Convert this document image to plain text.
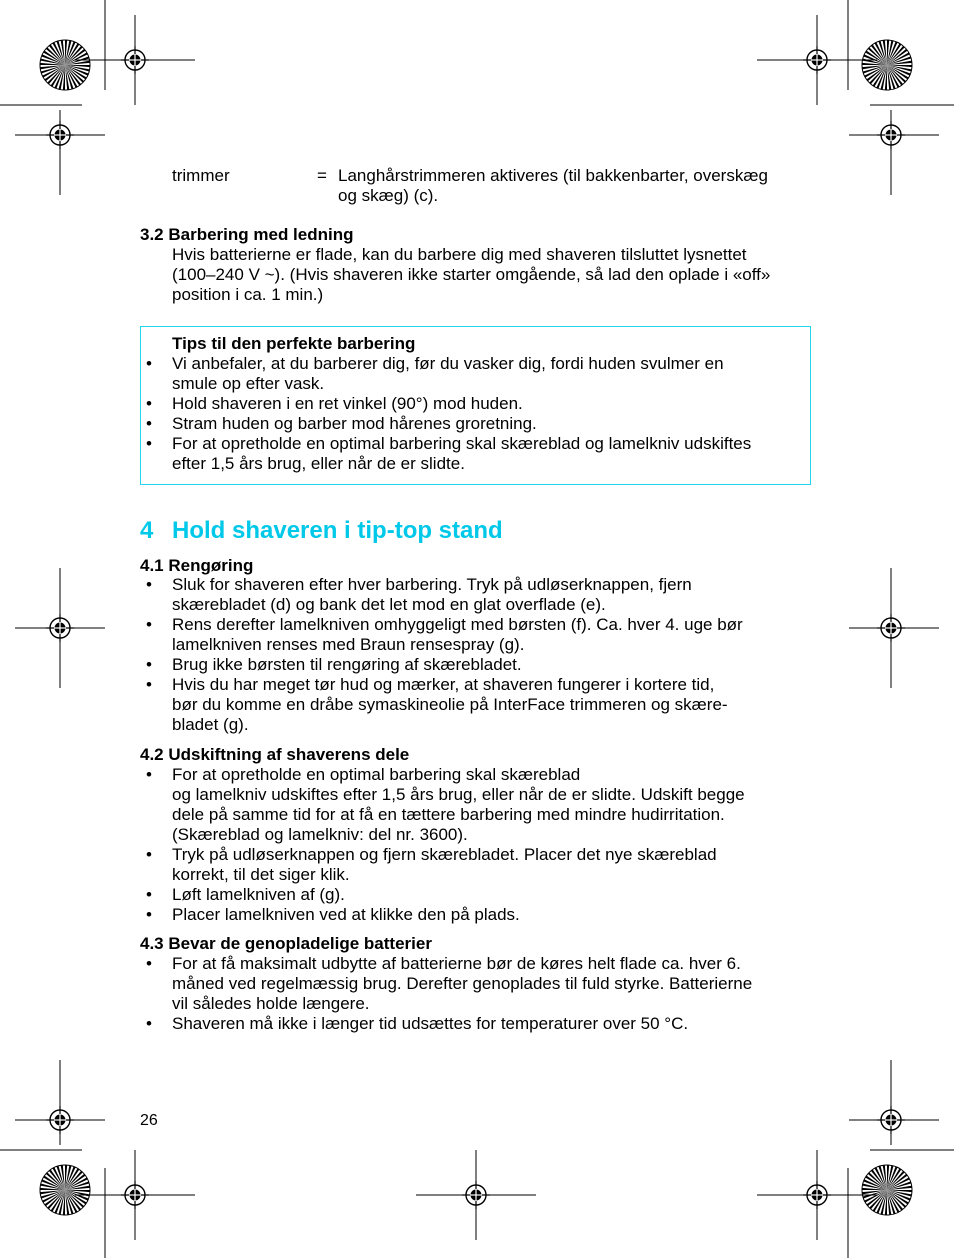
trimmer	= Langhårstrimmeren aktiveres (til bakkenbarter, overskæg
og skæg) (c).
3.2 Barbering med ledning
Hvis batterierne er flade, kan du barbere dig med shaveren tilsluttet lysnettet
(100–240 V ~). (Hvis shaveren ikke starter omgående, så lad den oplade i «off»
position i ca. 1 min.)
Tips til den perfekte barbering
• Vi anbefaler, at du barberer dig, før du vasker dig, fordi huden svulmer en
smule op efter vask.
• Hold shaveren i en ret vinkel (90°) mod huden.
• Stram huden og barber mod hårenes groretning.
• For at opretholde en optimal barbering skal skæreblad og lamelkniv udskiftes
efter 1,5 års brug, eller når de er slidte.
4 Hold shaveren i tip-top stand
4.1 Rengøring
• Sluk for shaveren efter hver barbering. Tryk på udløserknappen, fjern
skærebladet (d) og bank det let mod en glat overflade (e).
• Rens derefter lamelkniven omhyggeligt med børsten (f). Ca. hver 4. uge bør
lamelkniven renses med Braun rensespray (g).
• Brug ikke børsten til rengøring af skærebladet.
• Hvis du har meget tør hud og mærker, at shaveren fungerer i kortere tid,
bør du komme en dråbe symaskineolie på InterFace trimmeren og skære-
bladet (g).
4.2 Udskiftning af shaverens dele
• For at opretholde en optimal barbering skal skæreblad
og lamelkniv udskiftes efter 1,5 års brug, eller når de er slidte. Udskift begge
dele på samme tid for at få en tættere barbering med mindre hudirritation.
(Skæreblad og lamelkniv: del nr. 3600).
• Tryk på udløserknappen og fjern skærebladet. Placer det nye skæreblad
korrekt, til det siger klik.
• Løft lamelkniven af (g).
• Placer lamelkniven ved at klikke den på plads.
4.3 Bevar de genopladelige batterier
• For at få maksimalt udbytte af batterierne bør de køres helt flade ca. hver 6.
måned ved regelmæssig brug. Derefter genoplades til fuld styrke. Batterierne
vil således holde længere.
• Shaveren må ikke i længer tid udsættes for temperaturer over 50 °C.
26
